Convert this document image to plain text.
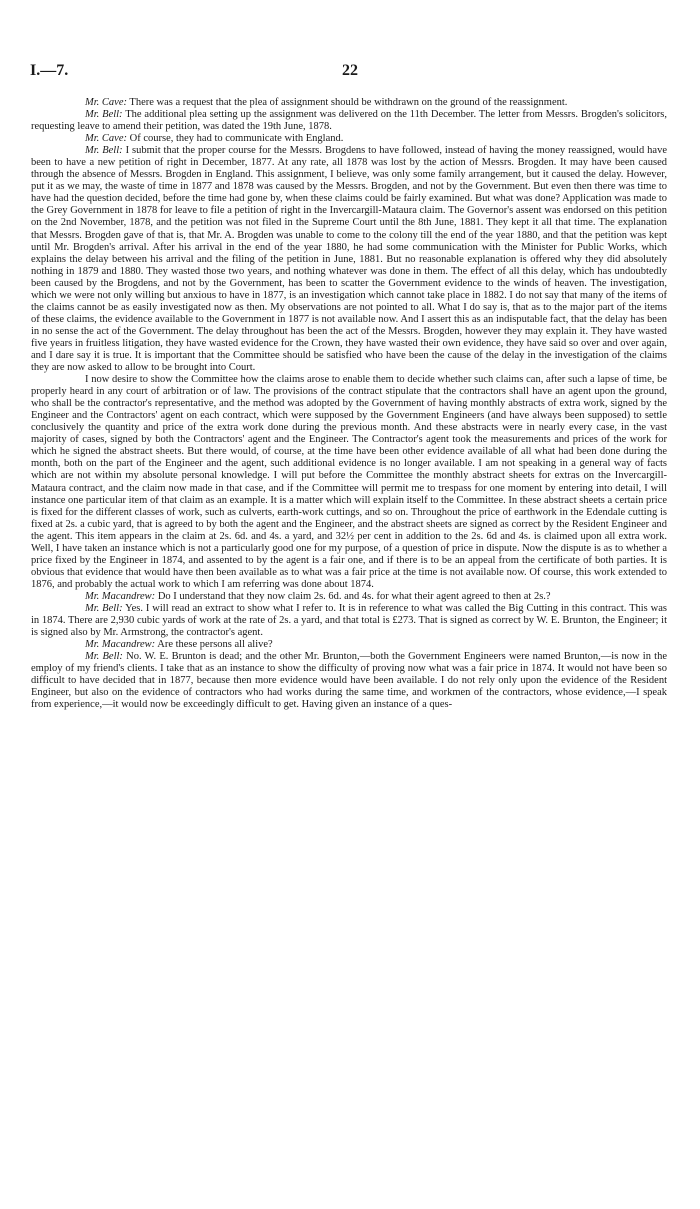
I.—7.	22

Mr. Cave: There was a request that the plea of assignment should be withdrawn on the ground of the reassignment.

Mr. Bell: The additional plea setting up the assignment was delivered on the 11th December. The letter from Messrs. Brogden's solicitors, requesting leave to amend their petition, was dated the 19th June, 1878.

Mr. Cave: Of course, they had to communicate with England.

Mr. Bell: I submit that the proper course for the Messrs. Brogdens to have followed, instead of having the money reassigned, would have been to have a new petition of right in December, 1877. At any rate, all 1878 was lost by the action of Messrs. Brogden. It may have been caused through the absence of Messrs. Brogden in England. This assignment, I believe, was only some family arrangement, but it caused the delay. However, put it as we may, the waste of time in 1877 and 1878 was caused by the Messrs. Brogden, and not by the Government. But even then there was time to have had the question decided, before the time had gone by, when these claims could be fairly examined. But what was done? Application was made to the Grey Government in 1878 for leave to file a petition of right in the Invercargill-Mataura claim. The Governor's assent was endorsed on this petition on the 2nd November, 1878, and the petition was not filed in the Supreme Court until the 8th June, 1881. They kept it all that time. The explanation that Messrs. Brogden gave of that is, that Mr. A. Brogden was unable to come to the colony till the end of the year 1880, and that the petition was kept until Mr. Brogden's arrival. After his arrival in the end of the year 1880, he had some communication with the Minister for Public Works, which explains the delay between his arrival and the filing of the petition in June, 1881. But no reasonable explanation is offered why they did absolutely nothing in 1879 and 1880. They wasted those two years, and nothing whatever was done in them. The effect of all this delay, which has undoubtedly been caused by the Brogdens, and not by the Government, has been to scatter the Government evidence to the winds of heaven. The investigation, which we were not only willing but anxious to have in 1877, is an investigation which cannot take place in 1882. I do not say that many of the items of the claims cannot be as easily investigated now as then. My observations are not pointed to all. What I do say is, that as to the major part of the items of these claims, the evidence available to the Government in 1877 is not available now. And I assert this as an indisputable fact, that the delay has been in no sense the act of the Government. The delay throughout has been the act of the Messrs. Brogden, however they may explain it. They have wasted five years in fruitless litigation, they have wasted evidence for the Crown, they have wasted their own evidence, they have said so over and over again, and I dare say it is true. It is important that the Committee should be satisfied who have been the cause of the delay in the investigation of the claims they are now asked to allow to be brought into Court.

I now desire to show the Committee how the claims arose to enable them to decide whether such claims can, after such a lapse of time, be properly heard in any court of arbitration or of law. The provisions of the contract stipulate that the contractors shall have an agent upon the ground, who shall be the contractor's representative, and the method was adopted by the Government of having monthly abstracts of extra work, signed by the Engineer and the Contractors' agent on each contract, which were supposed by the Government Engineers (and have always been supposed) to settle conclusively the quantity and price of the extra work done during the previous month. And these abstracts were in nearly every case, in the vast majority of cases, signed by both the Contractors' agent and the Engineer. The Contractor's agent took the measurements and prices of the work for which he signed the abstract sheets. But there would, of course, at the time have been other evidence available of all what had been done during the month, both on the part of the Engineer and the agent, such additional evidence is no longer available. I am not speaking in a general way of facts which are not within my absolute personal knowledge. I will put before the Committee the monthly abstract sheets for extras on the Invercargill-Mataura contract, and the claim now made in that case, and if the Committee will permit me to trespass for one moment by entering into detail, I will instance one particular item of that claim as an example. It is a matter which will explain itself to the Committee. In these abstract sheets a certain price is fixed for the different classes of work, such as culverts, earth-work cuttings, and so on. Throughout the price of earthwork in the Edendale cutting is fixed at 2s. a cubic yard, that is agreed to by both the agent and the Engineer, and the abstract sheets are signed as correct by the Resident Engineer and the agent. This item appears in the claim at 2s. 6d. and 4s. a yard, and 32½ per cent in addition to the 2s. 6d and 4s. is claimed upon all extra work. Well, I have taken an instance which is not a particularly good one for my purpose, of a question of price in dispute. Now the dispute is as to whether a price fixed by the Engineer in 1874, and assented to by the agent is a fair one, and if there is to be an appeal from the certificate of both parties. It is obvious that evidence that would have then been available as to what was a fair price at the time is not available now. Of course, this work extended to 1876, and probably the actual work to which I am referring was done about 1874.

Mr. Macandrew: Do I understand that they now claim 2s. 6d. and 4s. for what their agent agreed to then at 2s.?

Mr. Bell: Yes. I will read an extract to show what I refer to. It is in reference to what was called the Big Cutting in this contract. This was in 1874. There are 2,930 cubic yards of work at the rate of 2s. a yard, and that total is £273. That is signed as correct by W. E. Brunton, the Engineer; it is signed also by Mr. Armstrong, the contractor's agent.

Mr. Macandrew: Are these persons all alive?

Mr. Bell: No. W. E. Brunton is dead; and the other Mr. Brunton,—both the Government Engineers were named Brunton,—is now in the employ of my friend's clients. I take that as an instance to show the difficulty of proving now what was a fair price in 1874. It would not have been so difficult to have decided that in 1877, because then more evidence would have been available. I do not rely only upon the evidence of the Resident Engineer, but also on the evidence of contractors who had works during the same time, and workmen of the contractors, whose evidence,—I speak from experience,—it would now be exceedingly difficult to get. Having given an instance of a ques-
